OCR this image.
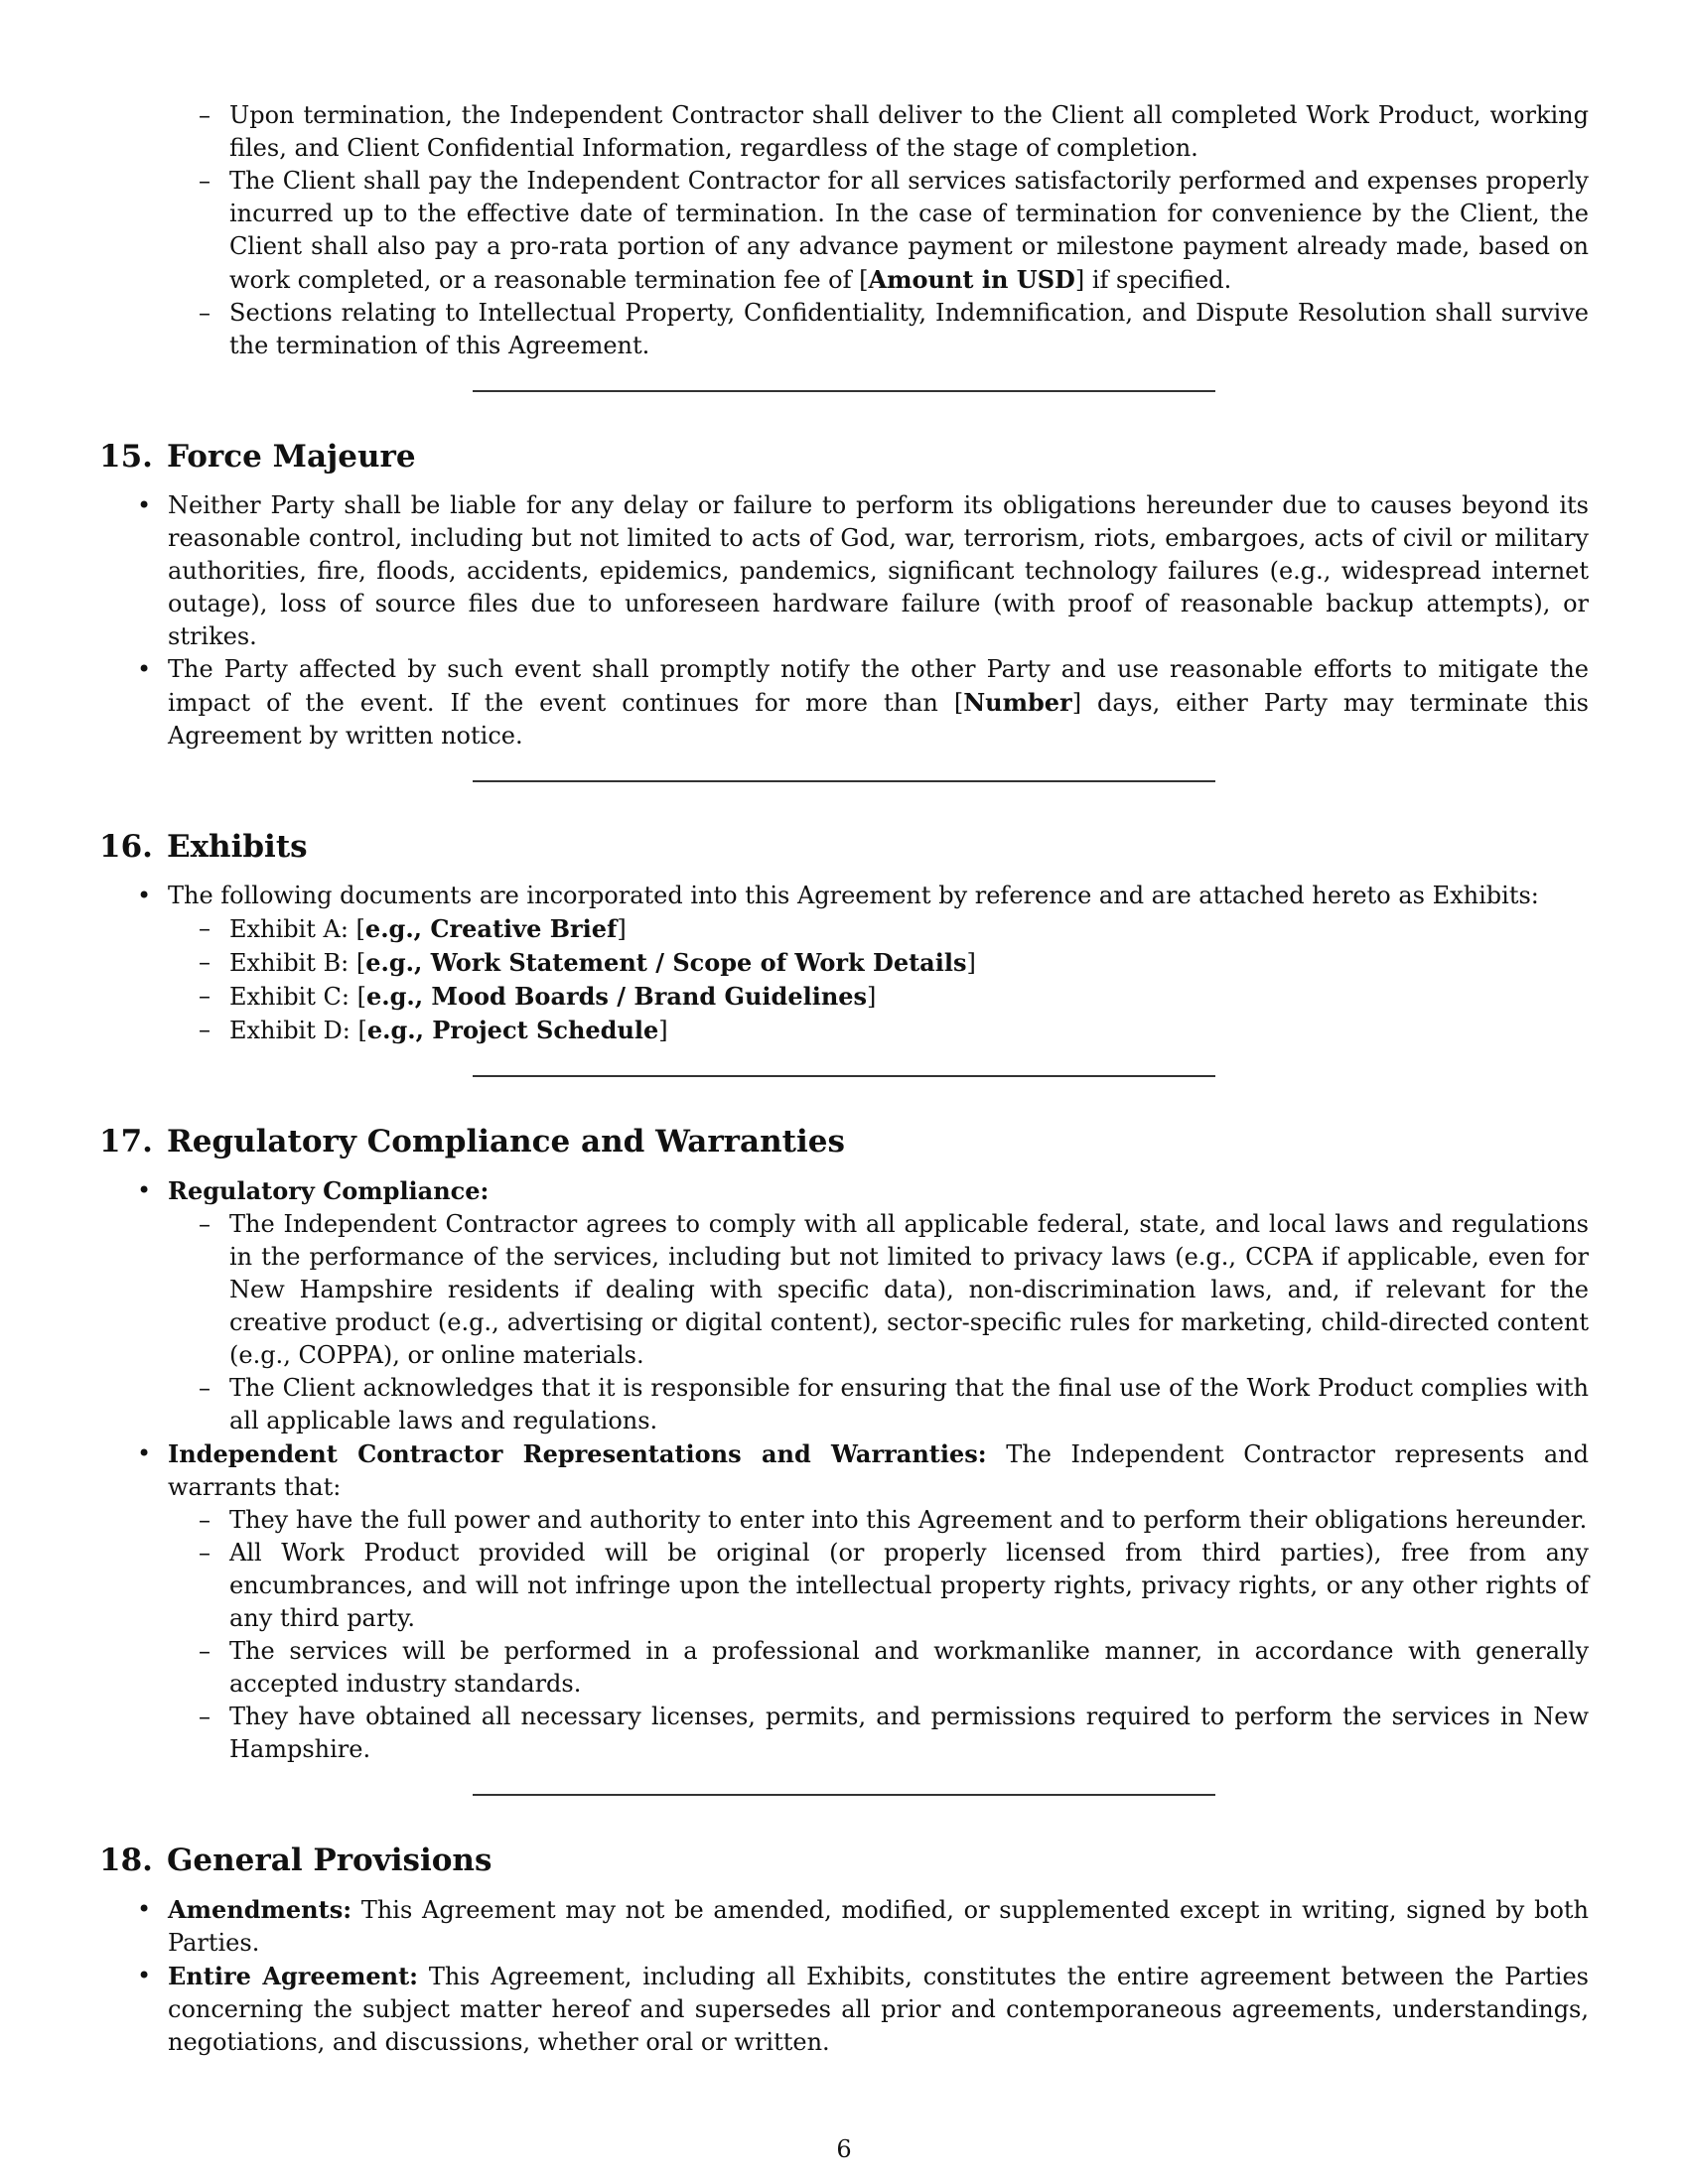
– Upon termination, the Independent Contractor shall deliver to the Client all completed Work Product, working files, and Client Confidential Information, regardless of the stage of completion.

– The Client shall pay the Independent Contractor for all services satisfactorily performed and expenses properly incurred up to the effective date of termination. In the case of termination for convenience by the Client, the Client shall also pay a pro-rata portion of any advance payment or milestone payment already made, based on work completed, or a reasonable termination fee of [Amount in USD] if specified.

– Sections relating to Intellectual Property, Confidentiality, Indemnification, and Dispute Resolution shall survive the termination of this Agreement.

15. Force Majeure

• Neither Party shall be liable for any delay or failure to perform its obligations hereunder due to causes beyond its reasonable control, including but not limited to acts of God, war, terrorism, riots, embargoes, acts of civil or military authorities, fire, floods, accidents, epidemics, pandemics, significant technology failures (e.g., widespread internet outage), loss of source files due to unforeseen hardware failure (with proof of reasonable backup attempts), or strikes.

• The Party affected by such event shall promptly notify the other Party and use reasonable efforts to mitigate the impact of the event. If the event continues for more than [Number] days, either Party may terminate this Agreement by written notice.

16. Exhibits

• The following documents are incorporated into this Agreement by reference and are attached hereto as Exhibits:

– Exhibit A: [e.g., Creative Brief]
– Exhibit B: [e.g., Work Statement / Scope of Work Details]
– Exhibit C: [e.g., Mood Boards / Brand Guidelines]
– Exhibit D: [e.g., Project Schedule]
17. Regulatory Compliance and Warranties

• Regulatory Compliance:

– The Independent Contractor agrees to comply with all applicable federal, state, and local laws and regulations in the performance of the services, including but not limited to privacy laws (e.g., CCPA if applicable, even for New Hampshire residents if dealing with specific data), non-discrimination laws, and, if relevant for the creative product (e.g., advertising or digital content), sector-specific rules for marketing, child-directed content (e.g., COPPA), or online materials.

– The Client acknowledges that it is responsible for ensuring that the final use of the Work Product complies with all applicable laws and regulations.

• Independent Contractor Representations and Warranties: The Independent Contractor represents and warrants that:

– They have the full power and authority to enter into this Agreement and to perform their obligations hereunder.

– All Work Product provided will be original (or properly licensed from third parties), free from any encumbrances, and will not infringe upon the intellectual property rights, privacy rights, or any other rights of any third party.

– The services will be performed in a professional and workmanlike manner, in accordance with generally accepted industry standards.

– They have obtained all necessary licenses, permits, and permissions required to perform the services in New Hampshire.

18. General Provisions

• Amendments: This Agreement may not be amended, modified, or supplemented except in writing, signed by both Parties.

• Entire Agreement: This Agreement, including all Exhibits, constitutes the entire agreement between the Parties concerning the subject matter hereof and supersedes all prior and contemporaneous agreements, understandings, negotiations, and discussions, whether oral or written.

6
